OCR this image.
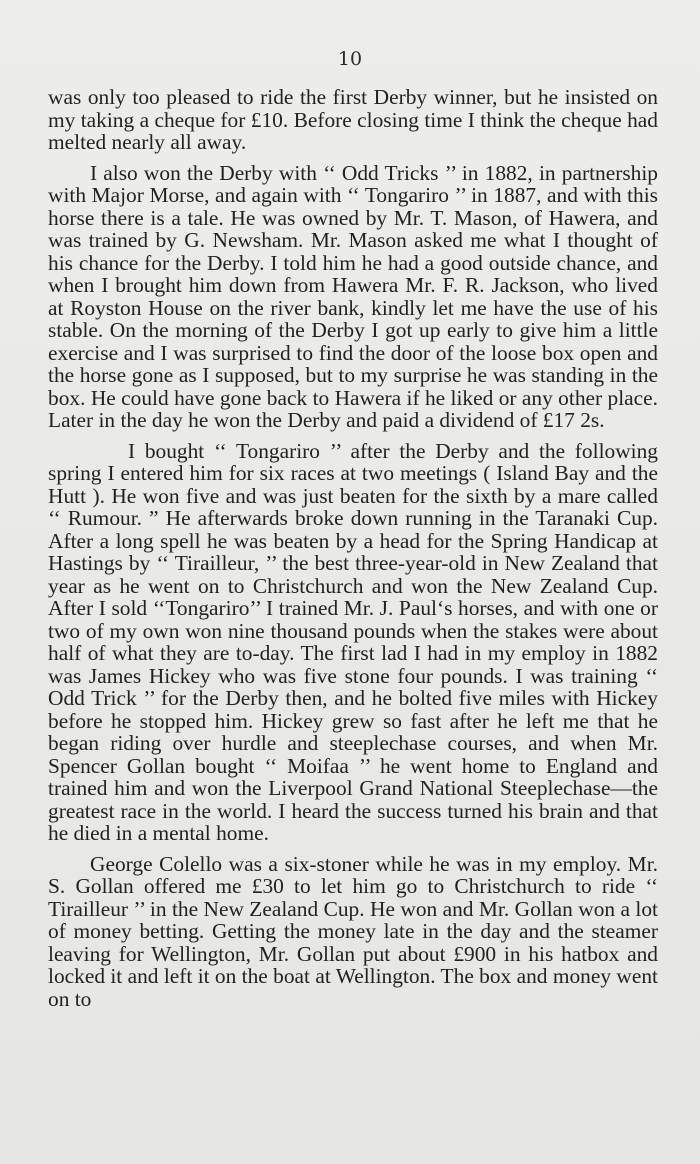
10

was only too pleased to ride the first Derby winner, but he insisted on my taking a cheque for £10. Before closing time I think the cheque had melted nearly all away.

I also won the Derby with ‘‘ Odd Tricks ’’ in 1882, in partnership with Major Morse, and again with ‘‘ Tongariro ’’ in 1887, and with this horse there is a tale. He was owned by Mr. T. Mason, of Hawera, and was trained by G. Newsham. Mr. Mason asked me what I thought of his chance for the Derby. I told him he had a good outside chance, and when I brought him down from Hawera Mr. F. R. Jackson, who lived at Royston House on the river bank, kindly let me have the use of his stable. On the morning of the Derby I got up early to give him a little exercise and I was surprised to find the door of the loose box open and the horse gone as I supposed, but to my surprise he was standing in the box. He could have gone back to Hawera if he liked or any other place. Later in the day he won the Derby and paid a dividend of £17 2s.

I bought ‘‘ Tongariro ’’ after the Derby and the following spring I entered him for six races at two meetings ( Island Bay and the Hutt ). He won five and was just beaten for the sixth by a mare called ‘‘ Rumour. ” He afterwards broke down running in the Taranaki Cup. After a long spell he was beaten by a head for the Spring Handicap at Hastings by ‘‘ Tirailleur, ’’ the best three-year-old in New Zealand that year as he went on to Christchurch and won the New Zealand Cup. After I sold ‘‘Tongariro’’ I trained Mr. J. Paul‘s horses, and with one or two of my own won nine thousand pounds when the stakes were about half of what they are to-day. The first lad I had in my employ in 1882 was James Hickey who was five stone four pounds. I was training ‘‘ Odd Trick ’’ for the Derby then, and he bolted five miles with Hickey before he stopped him. Hickey grew so fast after he left me that he began riding over hurdle and steeplechase courses, and when Mr. Spencer Gollan bought ‘‘ Moifaa ’’ he went home to England and trained him and won the Liverpool Grand National Steeplechase—the greatest race in the world. I heard the success turned his brain and that he died in a mental home.

George Colello was a six-stoner while he was in my employ. Mr. S. Gollan offered me £30 to let him go to Christchurch to ride ‘‘ Tirailleur ’’ in the New Zealand Cup. He won and Mr. Gollan won a lot of money betting. Getting the money late in the day and the steamer leaving for Wellington, Mr. Gollan put about £900 in his hatbox and locked it and left it on the boat at Wellington. The box and money went on to
